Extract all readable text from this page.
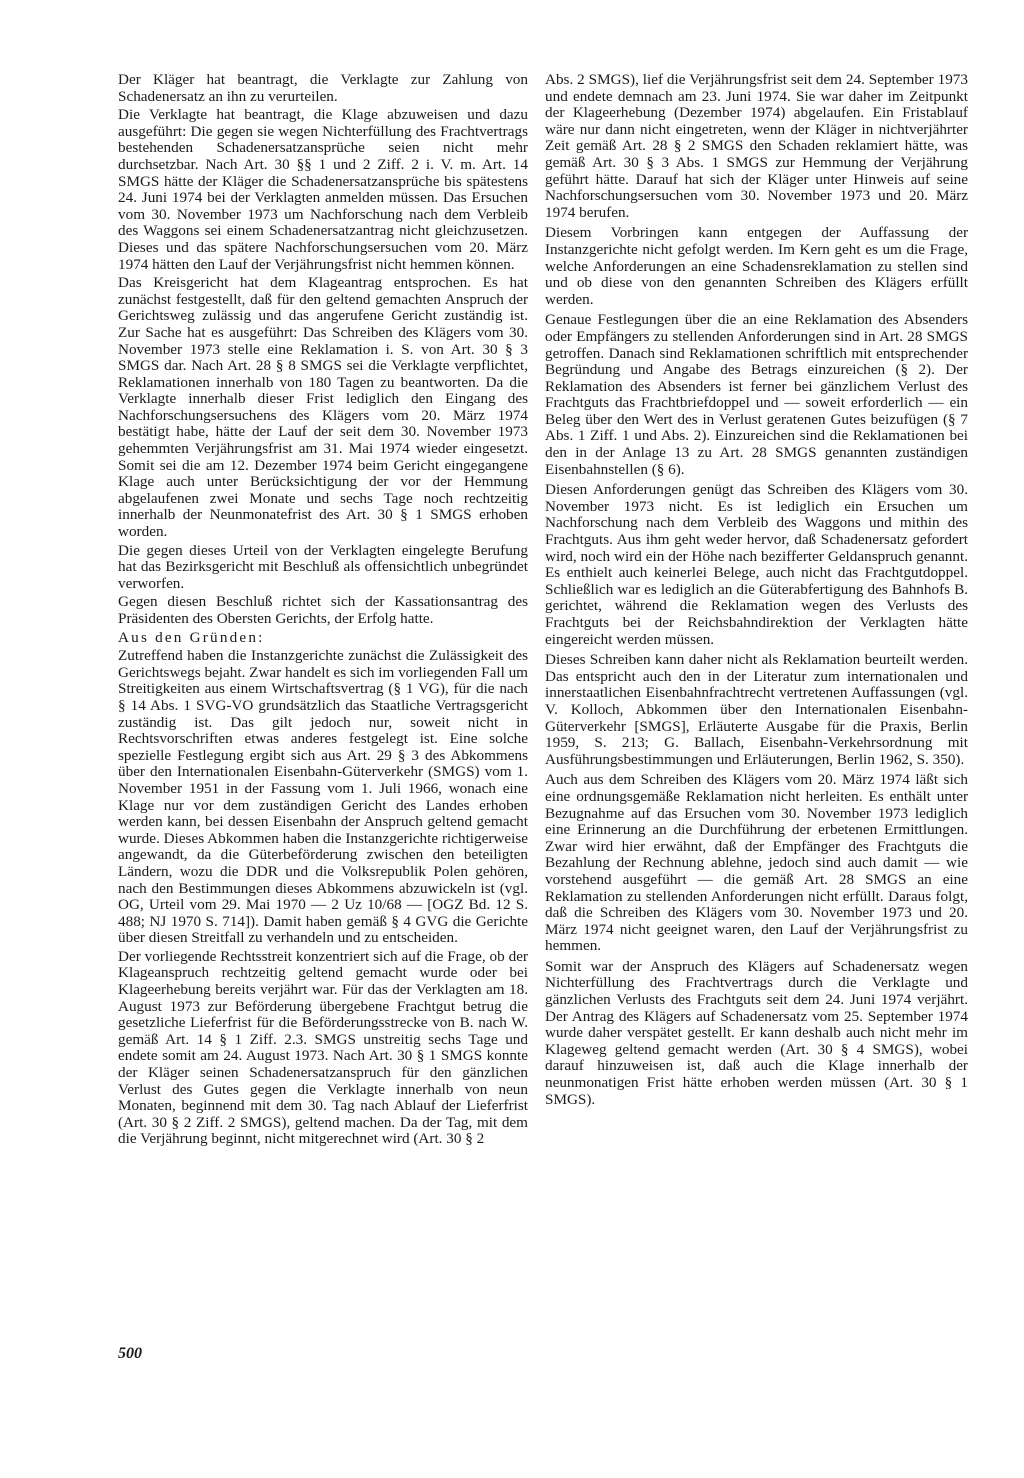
Der Kläger hat beantragt, die Verklagte zur Zahlung von Schadenersatz an ihn zu verurteilen.

Die Verklagte hat beantragt, die Klage abzuweisen und dazu ausgeführt: Die gegen sie wegen Nichterfüllung des Frachtvertrags bestehenden Schadenersatzansprüche seien nicht mehr durchsetzbar. Nach Art. 30 §§ 1 und 2 Ziff. 2 i. V. m. Art. 14 SMGS hätte der Kläger die Schadenersatzansprüche bis spätestens 24. Juni 1974 bei der Verklagten anmelden müssen. Das Ersuchen vom 30. November 1973 um Nachforschung nach dem Verbleib des Waggons sei einem Schadenersatzantrag nicht gleichzusetzen. Dieses und das spätere Nachforschungsersuchen vom 20. März 1974 hätten den Lauf der Verjährungsfrist nicht hemmen können.

Das Kreisgericht hat dem Klageantrag entsprochen. Es hat zunächst festgestellt, daß für den geltend gemachten Anspruch der Gerichtsweg zulässig und das angerufene Gericht zuständig ist. Zur Sache hat es ausgeführt: Das Schreiben des Klägers vom 30. November 1973 stelle eine Reklamation i. S. von Art. 30 § 3 SMGS dar. Nach Art. 28 § 8 SMGS sei die Verklagte verpflichtet, Reklamationen innerhalb von 180 Tagen zu beantworten. Da die Verklagte innerhalb dieser Frist lediglich den Eingang des Nachforschungsersuchens des Klägers vom 20. März 1974 bestätigt habe, hätte der Lauf der seit dem 30. November 1973 gehemmten Verjährungsfrist am 31. Mai 1974 wieder eingesetzt. Somit sei die am 12. Dezember 1974 beim Gericht eingegangene Klage auch unter Berücksichtigung der vor der Hemmung abgelaufenen zwei Monate und sechs Tage noch rechtzeitig innerhalb der Neunmonatefrist des Art. 30 § 1 SMGS erhoben worden.

Die gegen dieses Urteil von der Verklagten eingelegte Berufung hat das Bezirksgericht mit Beschluß als offensichtlich unbegründet verworfen.

Gegen diesen Beschluß richtet sich der Kassationsantrag des Präsidenten des Obersten Gerichts, der Erfolg hatte.

Aus den Gründen:

Zutreffend haben die Instanzgerichte zunächst die Zulässigkeit des Gerichtswegs bejaht. Zwar handelt es sich im vorliegenden Fall um Streitigkeiten aus einem Wirtschaftsvertrag (§ 1 VG), für die nach § 14 Abs. 1 SVG-VO grundsätzlich das Staatliche Vertragsgericht zuständig ist. Das gilt jedoch nur, soweit nicht in Rechtsvorschriften etwas anderes festgelegt ist. Eine solche spezielle Festlegung ergibt sich aus Art. 29 § 3 des Abkommens über den Internationalen Eisenbahn-Güterverkehr (SMGS) vom 1. November 1951 in der Fassung vom 1. Juli 1966, wonach eine Klage nur vor dem zuständigen Gericht des Landes erhoben werden kann, bei dessen Eisenbahn der Anspruch geltend gemacht wurde. Dieses Abkommen haben die Instanzgerichte richtigerweise angewandt, da die Güterbeförderung zwischen den beteiligten Ländern, wozu die DDR und die Volksrepublik Polen gehören, nach den Bestimmungen dieses Abkommens abzuwickeln ist (vgl. OG, Urteil vom 29. Mai 1970 — 2 Uz 10/68 — [OGZ Bd. 12 S. 488; NJ 1970 S. 714]). Damit haben gemäß § 4 GVG die Gerichte über diesen Streitfall zu verhandeln und zu entscheiden.

Der vorliegende Rechtsstreit konzentriert sich auf die Frage, ob der Klageanspruch rechtzeitig geltend gemacht wurde oder bei Klageerhebung bereits verjährt war. Für das der Verklagten am 18. August 1973 zur Beförderung übergebene Frachtgut betrug die gesetzliche Lieferfrist für die Beförderungsstrecke von B. nach W. gemäß Art. 14 § 1 Ziff. 2.3. SMGS unstreitig sechs Tage und endete somit am 24. August 1973. Nach Art. 30 § 1 SMGS konnte der Kläger seinen Schadenersatzanspruch für den gänzlichen Verlust des Gutes gegen die Verklagte innerhalb von neun Monaten, beginnend mit dem 30. Tag nach Ablauf der Lieferfrist (Art. 30 § 2 Ziff. 2 SMGS), geltend machen. Da der Tag, mit dem die Verjährung beginnt, nicht mitgerechnet wird (Art. 30 § 2

Abs. 2 SMGS), lief die Verjährungsfrist seit dem 24. September 1973 und endete demnach am 23. Juni 1974. Sie war daher im Zeitpunkt der Klageerhebung (Dezember 1974) abgelaufen. Ein Fristablauf wäre nur dann nicht eingetreten, wenn der Kläger in nichtverjährter Zeit gemäß Art. 28 § 2 SMGS den Schaden reklamiert hätte, was gemäß Art. 30 § 3 Abs. 1 SMGS zur Hemmung der Verjährung geführt hätte. Darauf hat sich der Kläger unter Hinweis auf seine Nachforschungsersuchen vom 30. November 1973 und 20. März 1974 berufen.

Diesem Vorbringen kann entgegen der Auffassung der Instanzgerichte nicht gefolgt werden. Im Kern geht es um die Frage, welche Anforderungen an eine Schadensreklamation zu stellen sind und ob diese von den genannten Schreiben des Klägers erfüllt werden.

Genaue Festlegungen über die an eine Reklamation des Absenders oder Empfängers zu stellenden Anforderungen sind in Art. 28 SMGS getroffen. Danach sind Reklamationen schriftlich mit entsprechender Begründung und Angabe des Betrags einzureichen (§ 2). Der Reklamation des Absenders ist ferner bei gänzlichem Verlust des Frachtguts das Frachtbriefdoppel und — soweit erforderlich — ein Beleg über den Wert des in Verlust geratenen Gutes beizufügen (§ 7 Abs. 1 Ziff. 1 und Abs. 2). Einzureichen sind die Reklamationen bei den in der Anlage 13 zu Art. 28 SMGS genannten zuständigen Eisenbahnstellen (§ 6).

Diesen Anforderungen genügt das Schreiben des Klägers vom 30. November 1973 nicht. Es ist lediglich ein Ersuchen um Nachforschung nach dem Verbleib des Waggons und mithin des Frachtguts. Aus ihm geht weder hervor, daß Schadenersatz gefordert wird, noch wird ein der Höhe nach bezifferter Geldanspruch genannt. Es enthielt auch keinerlei Belege, auch nicht das Frachtgutdoppel. Schließlich war es lediglich an die Güterabfertigung des Bahnhofs B. gerichtet, während die Reklamation wegen des Verlusts des Frachtguts bei der Reichsbahndirektion der Verklagten hätte eingereicht werden müssen.

Dieses Schreiben kann daher nicht als Reklamation beurteilt werden. Das entspricht auch den in der Literatur zum internationalen und innerstaatlichen Eisenbahnfrachtrecht vertretenen Auffassungen (vgl. V. Kolloch, Abkommen über den Internationalen Eisenbahn-Güterverkehr [SMGS], Erläuterte Ausgabe für die Praxis, Berlin 1959, S. 213; G. Ballach, Eisenbahn-Verkehrsordnung mit Ausführungsbestimmungen und Erläuterungen, Berlin 1962, S. 350).

Auch aus dem Schreiben des Klägers vom 20. März 1974 läßt sich eine ordnungsgemäße Reklamation nicht herleiten. Es enthält unter Bezugnahme auf das Ersuchen vom 30. November 1973 lediglich eine Erinnerung an die Durchführung der erbetenen Ermittlungen. Zwar wird hier erwähnt, daß der Empfänger des Frachtguts die Bezahlung der Rechnung ablehne, jedoch sind auch damit — wie vorstehend ausgeführt — die gemäß Art. 28 SMGS an eine Reklamation zu stellenden Anforderungen nicht erfüllt. Daraus folgt, daß die Schreiben des Klägers vom 30. November 1973 und 20. März 1974 nicht geeignet waren, den Lauf der Verjährungsfrist zu hemmen.

Somit war der Anspruch des Klägers auf Schadenersatz wegen Nichterfüllung des Frachtvertrags durch die Verklagte und gänzlichen Verlusts des Frachtguts seit dem 24. Juni 1974 verjährt. Der Antrag des Klägers auf Schadenersatz vom 25. September 1974 wurde daher verspätet gestellt. Er kann deshalb auch nicht mehr im Klageweg geltend gemacht werden (Art. 30 § 4 SMGS), wobei darauf hinzuweisen ist, daß auch die Klage innerhalb der neunmonatigen Frist hätte erhoben werden müssen (Art. 30 § 1 SMGS).

500
